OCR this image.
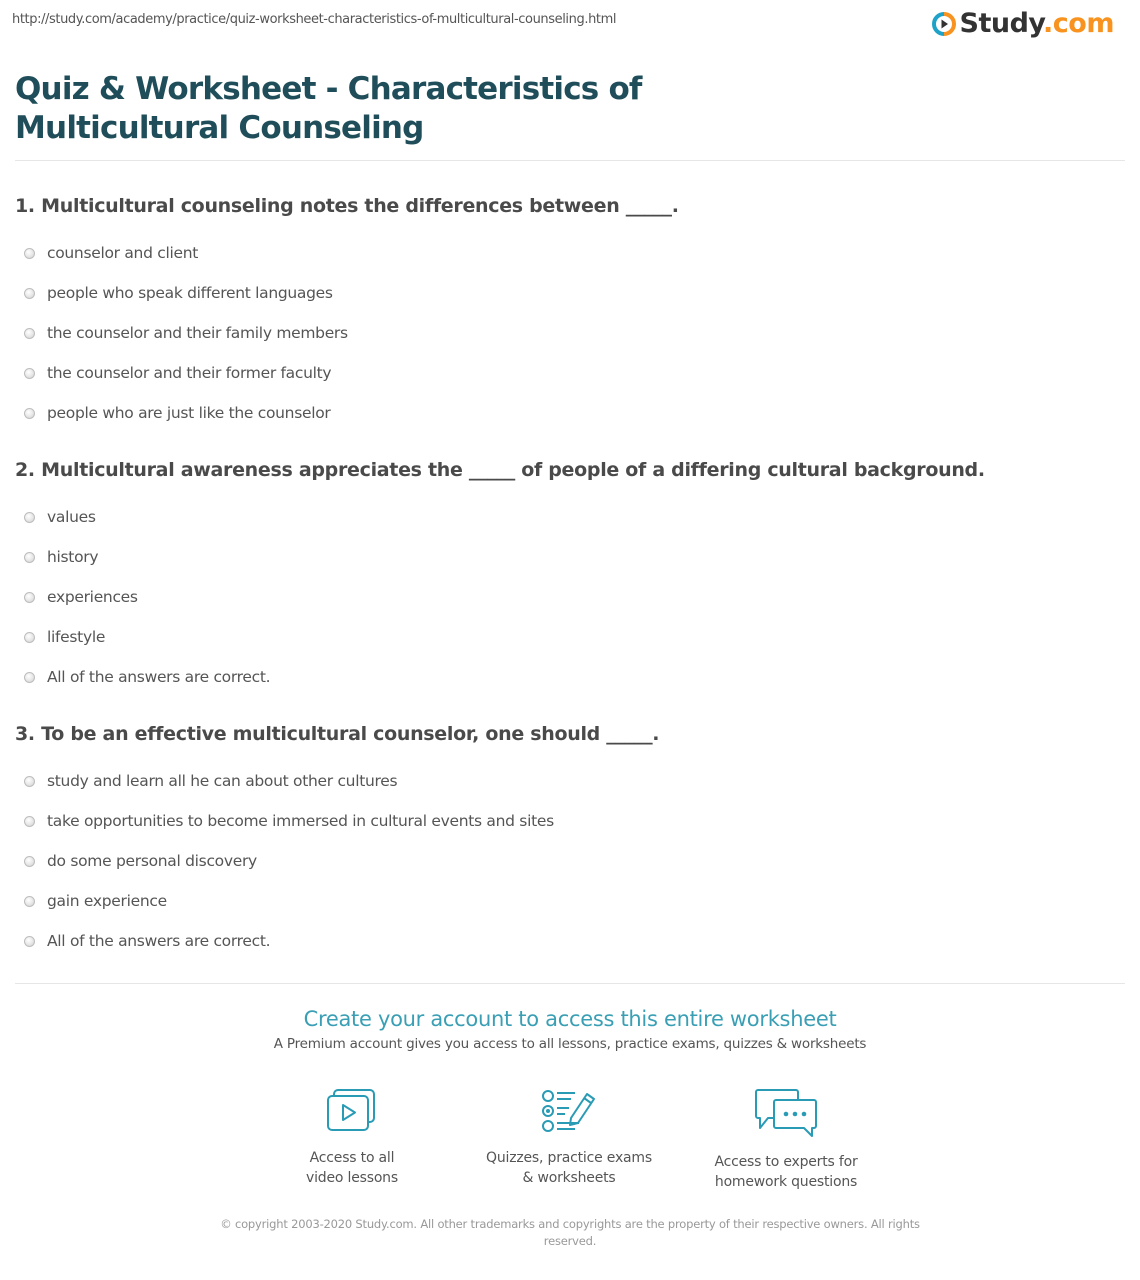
http://study.com/academy/practice/quiz-worksheet-characteristics-of-multicultural-counseling.html	Study.com
Quiz & Worksheet - Characteristics of Multicultural Counseling
1. Multicultural counseling notes the differences between _____.
counselor and client
people who speak different languages
the counselor and their family members
the counselor and their former faculty
people who are just like the counselor
2. Multicultural awareness appreciates the _____ of people of a differing cultural background.
values
history
experiences
lifestyle
All of the answers are correct.
3. To be an effective multicultural counselor, one should _____.
study and learn all he can about other cultures
take opportunities to become immersed in cultural events and sites
do some personal discovery
gain experience
All of the answers are correct.
Create your account to access this entire worksheet
A Premium account gives you access to all lessons, practice exams, quizzes & worksheets
Access to all
video lessons
Quizzes, practice exams
& worksheets
Access to experts for
homework questions
© copyright 2003-2020 Study.com. All other trademarks and copyrights are the property of their respective owners. All rights reserved.
